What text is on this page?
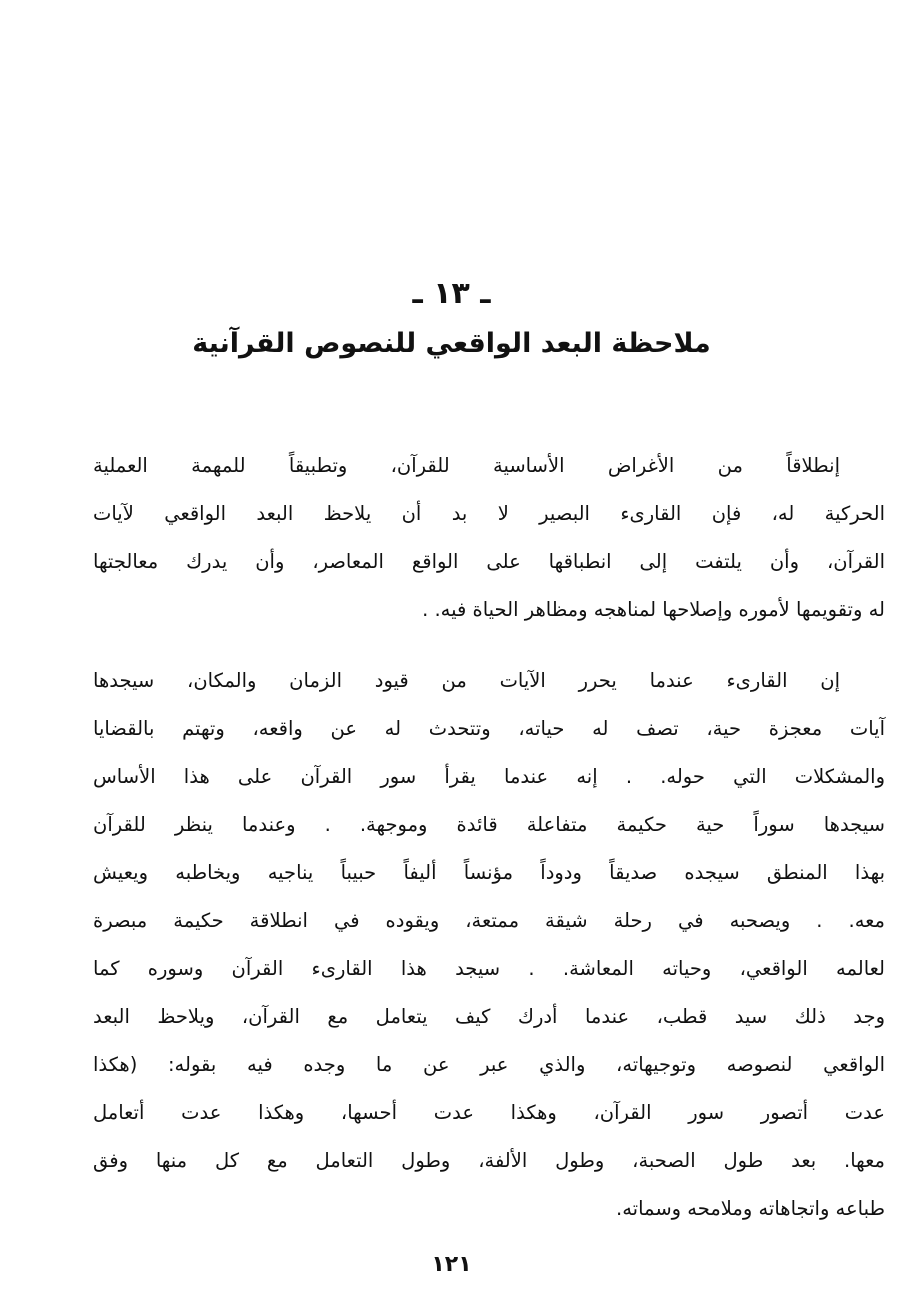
ـ ١٣ ـ
ملاحظة البعد الواقعي للنصوص القرآنية
إنطلاقاً من الأغراض الأساسية للقرآن، وتطبيقاً للمهمة العملية
الحركية له، فإن القارىء البصير لا بد أن يلاحظ البعد الواقعي لآيات
القرآن، وأن يلتفت إلى انطباقها على الواقع المعاصر، وأن يدرك معالجتها
له وتقويمها لأموره وإصلاحها لمناهجه ومظاهر الحياة فيه. .
إن القارىء عندما يحرر الآيات من قيود الزمان والمكان، سيجدها
آيات معجزة حية، تصف له حياته، وتتحدث له عن واقعه، وتهتم بالقضايا
والمشكلات التي حوله. . إنه عندما يقرأ سور القرآن على هذا الأساس
سيجدها سوراً حية حكيمة متفاعلة قائدة وموجهة. . وعندما ينظر للقرآن
بهذا المنطق سيجده صديقاً ودوداً مؤنساً أليفاً حبيباً يناجيه ويخاطبه ويعيش
معه. . ويصحبه في رحلة شيقة ممتعة، ويقوده في انطلاقة حكيمة مبصرة
لعالمه الواقعي، وحياته المعاشة. . سيجد هذا القارىء القرآن وسوره كما
وجد ذلك سيد قطب، عندما أدرك كيف يتعامل مع القرآن، ويلاحظ البعد
الواقعي لنصوصه وتوجيهاته، والذي عبر عن ما وجده فيه بقوله: (هكذا
عدت أتصور سور القرآن، وهكذا عدت أحسها، وهكذا عدت أتعامل
معها. بعد طول الصحبة، وطول الألفة، وطول التعامل مع كل منها وفق
طباعه واتجاهاته وملامحه وسماته.
١٢١
